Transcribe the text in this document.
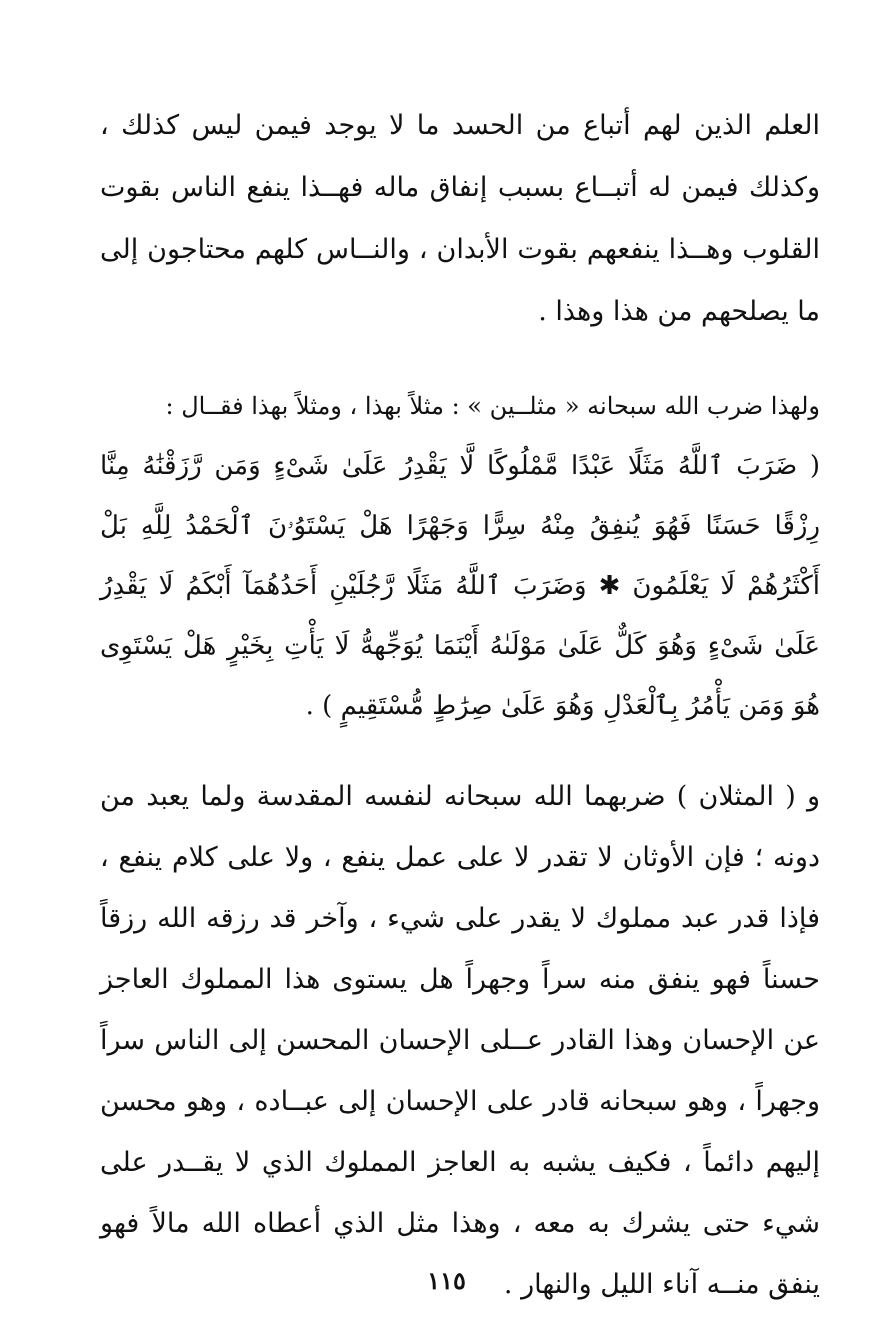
العلم الذين لهم أتباع من الحسد ما لا يوجد فيمن ليس كذلك ، وكذلك فيمن له أتبــاع بسبب إنفاق ماله فهــذا ينفع الناس بقوت القلوب وهــذا ينفعهم بقوت الأبدان ، والنــاس كلهم محتاجون إلى ما يصلحهم من هذا وهذا .

ولهذا ضرب الله سبحانه « مثلــين » : مثلاً بهذا ، ومثلاً بهذا فقــال :
( ضَرَبَ ٱللَّهُ مَثَلًا عَبْدًا مَّمْلُوكًا لَّا يَقْدِرُ عَلَىٰ شَىْءٍ وَمَن رَّزَقْنَٰهُ مِنَّا رِزْقًا حَسَنًا فَهُوَ يُنفِقُ مِنْهُ سِرًّا وَجَهْرًا هَلْ يَسْتَوُۥنَ ٱلْحَمْدُ لِلَّهِ بَلْ أَكْثَرُهُمْ لَا يَعْلَمُونَ ✱ وَضَرَبَ ٱللَّهُ مَثَلًا رَّجُلَيْنِ أَحَدُهُمَآ أَبْكَمُ لَا يَقْدِرُ عَلَىٰ شَىْءٍ وَهُوَ كَلٌّ عَلَىٰ مَوْلَىٰهُ أَيْنَمَا يُوَجِّههُّ لَا يَأْتِ بِخَيْرٍ هَلْ يَسْتَوِى هُوَ وَمَن يَأْمُرُ بِٱلْعَدْلِ وَهُوَ عَلَىٰ صِرَٰطٍ مُّسْتَقِيمٍ ) .

و ( المثلان ) ضربهما الله سبحانه لنفسه المقدسة ولما يعبد من دونه ؛ فإن الأوثان لا تقدر لا على عمل ينفع ، ولا على كلام ينفع ، فإذا قدر عبد مملوك لا يقدر على شيء ، وآخر قد رزقه الله رزقاً حسناً فهو ينفق منه سراً وجهراً هل يستوى هذا المملوك العاجز عن الإحسان وهذا القادر عــلى الإحسان المحسن إلى الناس سراً وجهراً ، وهو سبحانه قادر على الإحسان إلى عبــاده ، وهو محسن إليهم دائماً ، فكيف يشبه به العاجز المملوك الذي لا يقــدر على شيء حتى يشرك به معه ، وهذا مثل الذي أعطاه الله مالاً فهو ينفق منــه آناء الليل والنهار .

١١٥
